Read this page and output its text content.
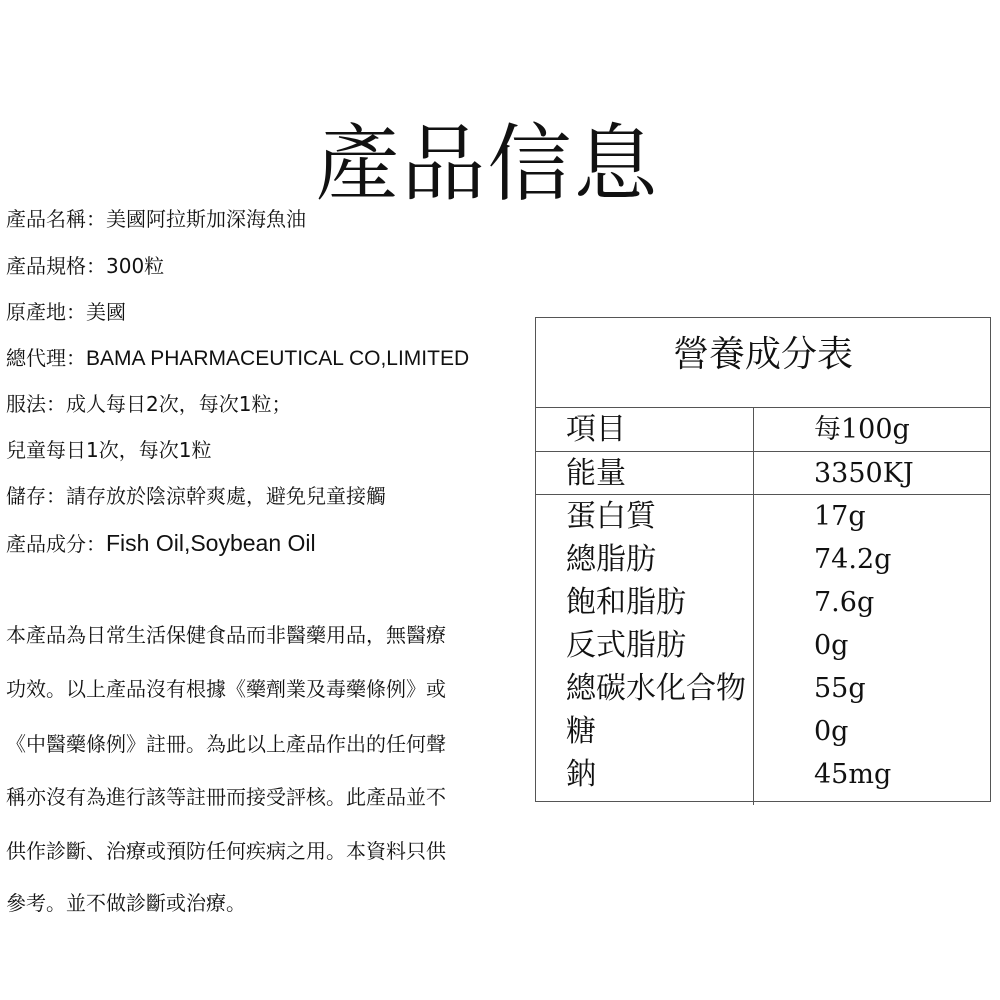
產品信息
產品名稱：美國阿拉斯加深海魚油
產品規格：300粒
原產地：美國
總代理：BAMA PHARMACEUTICAL CO,LIMITED
服法：成人每日2次，每次1粒；
兒童每日1次，每次1粒
儲存：請存放於陰涼幹爽處，避免兒童接觸
產品成分：Fish Oil,Soybean Oil
本產品為日常生活保健食品而非醫藥用品，無醫療
功效。以上產品沒有根據《藥劑業及毒藥條例》或
《中醫藥條例》註冊。為此以上產品作出的任何聲
稱亦沒有為進行該等註冊而接受評核。此產品並不
供作診斷、治療或預防任何疾病之用。本資料只供
參考。並不做診斷或治療。
營養成分表
項目	每100g
能量	3350KJ
蛋白質	17g
總脂肪	74.2g
飽和脂肪	7.6g
反式脂肪	0g
總碳水化合物	55g
糖	0g
鈉	45mg
